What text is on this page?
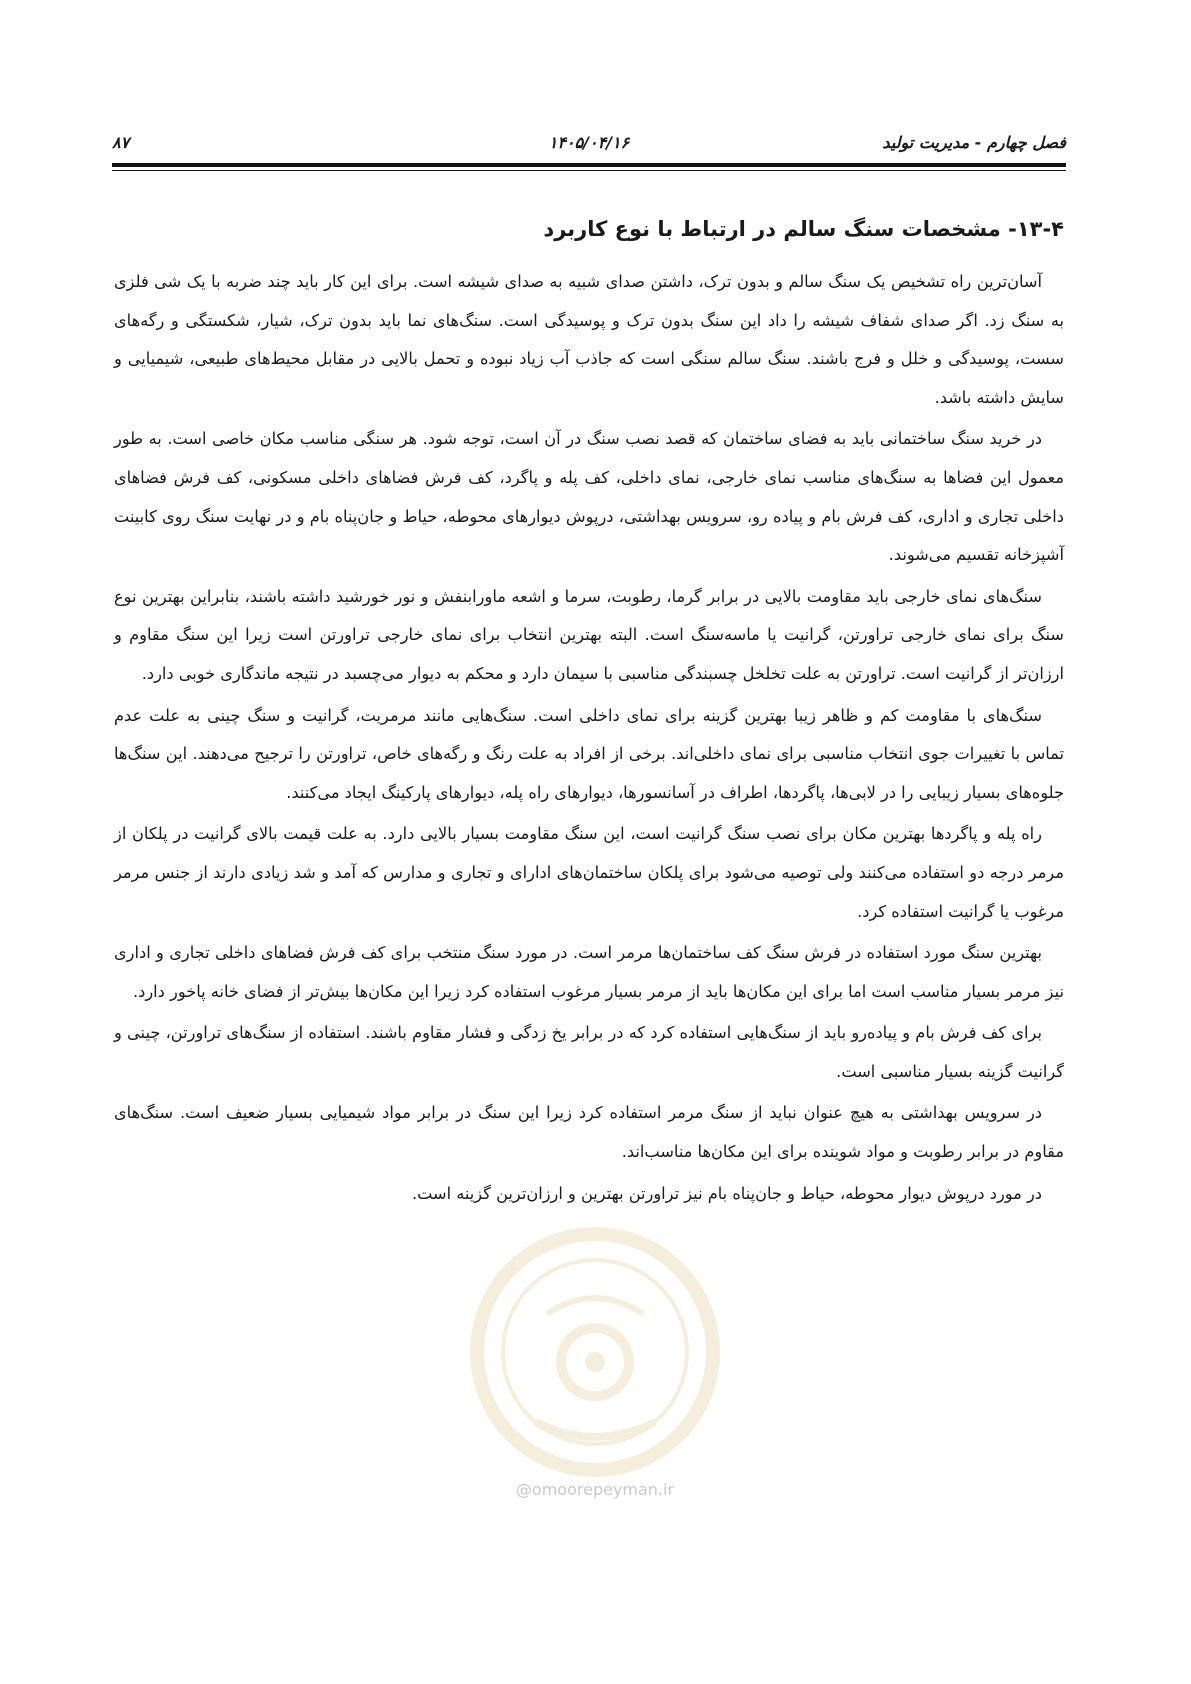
فصل چهارم - مدیریت تولید
۱۴۰۵/۰۴/۱۶
۸۷
@omoorepeyman.ir
۱۳-۴- مشخصات سنگ سالم در ارتباط با نوع کاربرد

آسان‌ترین راه تشخیص یک سنگ سالم و بدون ترک، داشتن صدای شبیه به صدای شیشه است. برای این کار باید چند ضربه با یک شی فلزی به سنگ زد. اگر صدای شفاف شیشه را داد این سنگ بدون ترک و پوسیدگی است. سنگ‌های نما باید بدون ترک، شیار، شکستگی و رگه‌های سست، پوسیدگی و خلل و فرج باشند. سنگ سالم سنگی است که جاذب آب زیاد نبوده و تحمل بالایی در مقابل محیط‌های طبیعی، شیمیایی و سایش داشته باشد.

در خرید سنگ ساختمانی باید به فضای ساختمان که قصد نصب سنگ در آن است، توجه شود. هر سنگی مناسب مکان خاصی است. به طور معمول این فضاها به سنگ‌های مناسب نمای خارجی، نمای داخلی، کف پله و پاگرد، کف فرش فضاهای داخلی مسکونی، کف فرش فضاهای داخلی تجاری و اداری، کف فرش بام و پیاده رو، سرویس بهداشتی، درپوش دیوارهای محوطه، حیاط و جان‌پناه بام و در نهایت سنگ روی کابینت آشپزخانه تقسیم می‌شوند.

سنگ‌های نمای خارجی باید مقاومت بالایی در برابر گرما، رطوبت، سرما و اشعه ماورابنفش و نور خورشید داشته باشند، بنابراین بهترین نوع سنگ برای نمای خارجی تراورتن، گرانیت یا ماسه‌سنگ است. البته بهترین انتخاب برای نمای خارجی تراورتن است زیرا این سنگ مقاوم و ارزان‌تر از گرانیت است. تراورتن به علت تخلخل چسبندگی مناسبی با سیمان دارد و محکم به دیوار می‌چسبد در نتیجه ماندگاری خوبی دارد.

سنگ‌های با مقاومت کم و ظاهر زیبا بهترین گزینه برای نمای داخلی است. سنگ‌هایی مانند مرمریت، گرانیت و سنگ چینی به علت عدم تماس با تغییرات جوی انتخاب مناسبی برای نمای داخلی‌اند. برخی از افراد به علت رنگ و رگه‌های خاص، تراورتن را ترجیح می‌دهند. این سنگ‌ها جلوه‌های بسیار زیبایی را در لابی‌ها، پاگردها، اطراف در آسانسورها، دیوارهای راه پله، دیوارهای پارکینگ ایجاد می‌کنند.

راه پله و پاگردها بهترین مکان برای نصب سنگ گرانیت است، این سنگ مقاومت بسیار بالایی دارد. به علت قیمت بالای گرانیت در پلکان از مرمر درجه دو استفاده می‌کنند ولی توصیه می‌شود برای پلکان ساختمان‌های ادارای و تجاری و مدارس که آمد و شد زیادی دارند از جنس مرمر مرغوب یا گرانیت استفاده کرد.

بهترین سنگ مورد استفاده در فرش سنگ کف ساختمان‌ها مرمر است. در مورد سنگ منتخب برای کف فرش فضاهای داخلی تجاری و اداری نیز مرمر بسیار مناسب است اما برای این مکان‌ها باید از مرمر بسیار مرغوب استفاده کرد زیرا این مکان‌ها بیش‌تر از فضای خانه پاخور دارد.

برای کف فرش بام و پیاده‌رو باید از سنگ‌هایی استفاده کرد که در برابر یخ زدگی و فشار مقاوم باشند. استفاده از سنگ‌های تراورتن، چینی و گرانیت گزینه بسیار مناسبی است.

در سرویس بهداشتی به هیچ عنوان نباید از سنگ مرمر استفاده کرد زیرا این سنگ در برابر مواد شیمیایی بسیار ضعیف است. سنگ‌های مقاوم در برابر رطوبت و مواد شوینده برای این مکان‌ها مناسب‌اند.

در مورد درپوش دیوار محوطه، حیاط و جان‌پناه بام نیز تراورتن بهترین و ارزان‌ترین گزینه است.
